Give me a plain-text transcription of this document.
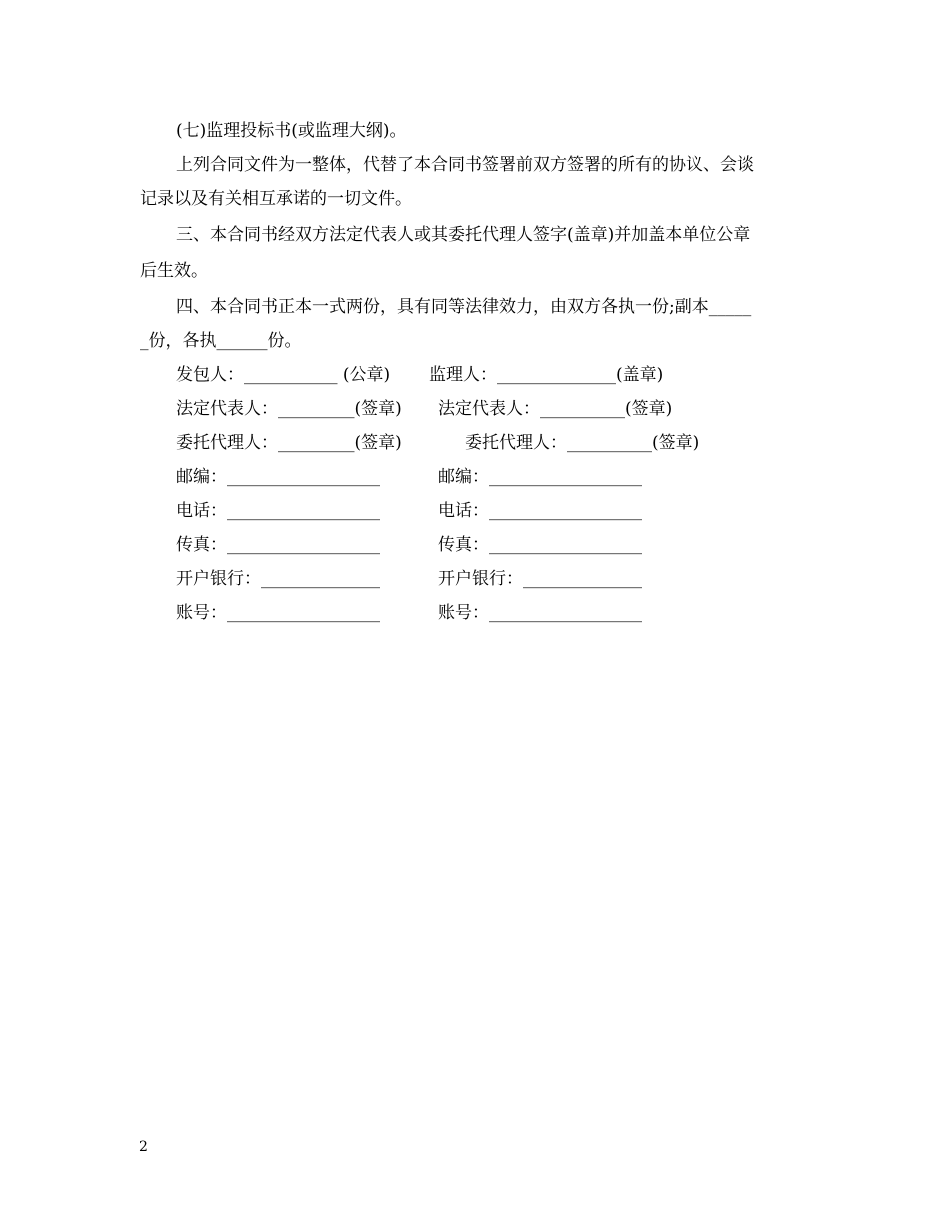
(七)监理投标书(或监理大纲)。
上列合同文件为一整体，代替了本合同书签署前双方签署的所有的协议、会谈
记录以及有关相互承诺的一切文件。
三、本合同书经双方法定代表人或其委托代理人签字(盖章)并加盖本单位公章
后生效。
四、本合同书正本一式两份，具有同等法律效力，由双方各执一份;副本_____
_份，各执______份。
发包人：___________ (公章) 监理人：______________(盖章)
法定代表人：_________(签章) 法定代表人：__________(签章)
委托代理人：_________(签章)	委托代理人：__________(签章)
邮编：__________________	邮编：__________________
电话：__________________	电话：__________________
传真：__________________	传真：__________________
开户银行：______________	开户银行：______________
账号：__________________	账号：__________________
2
